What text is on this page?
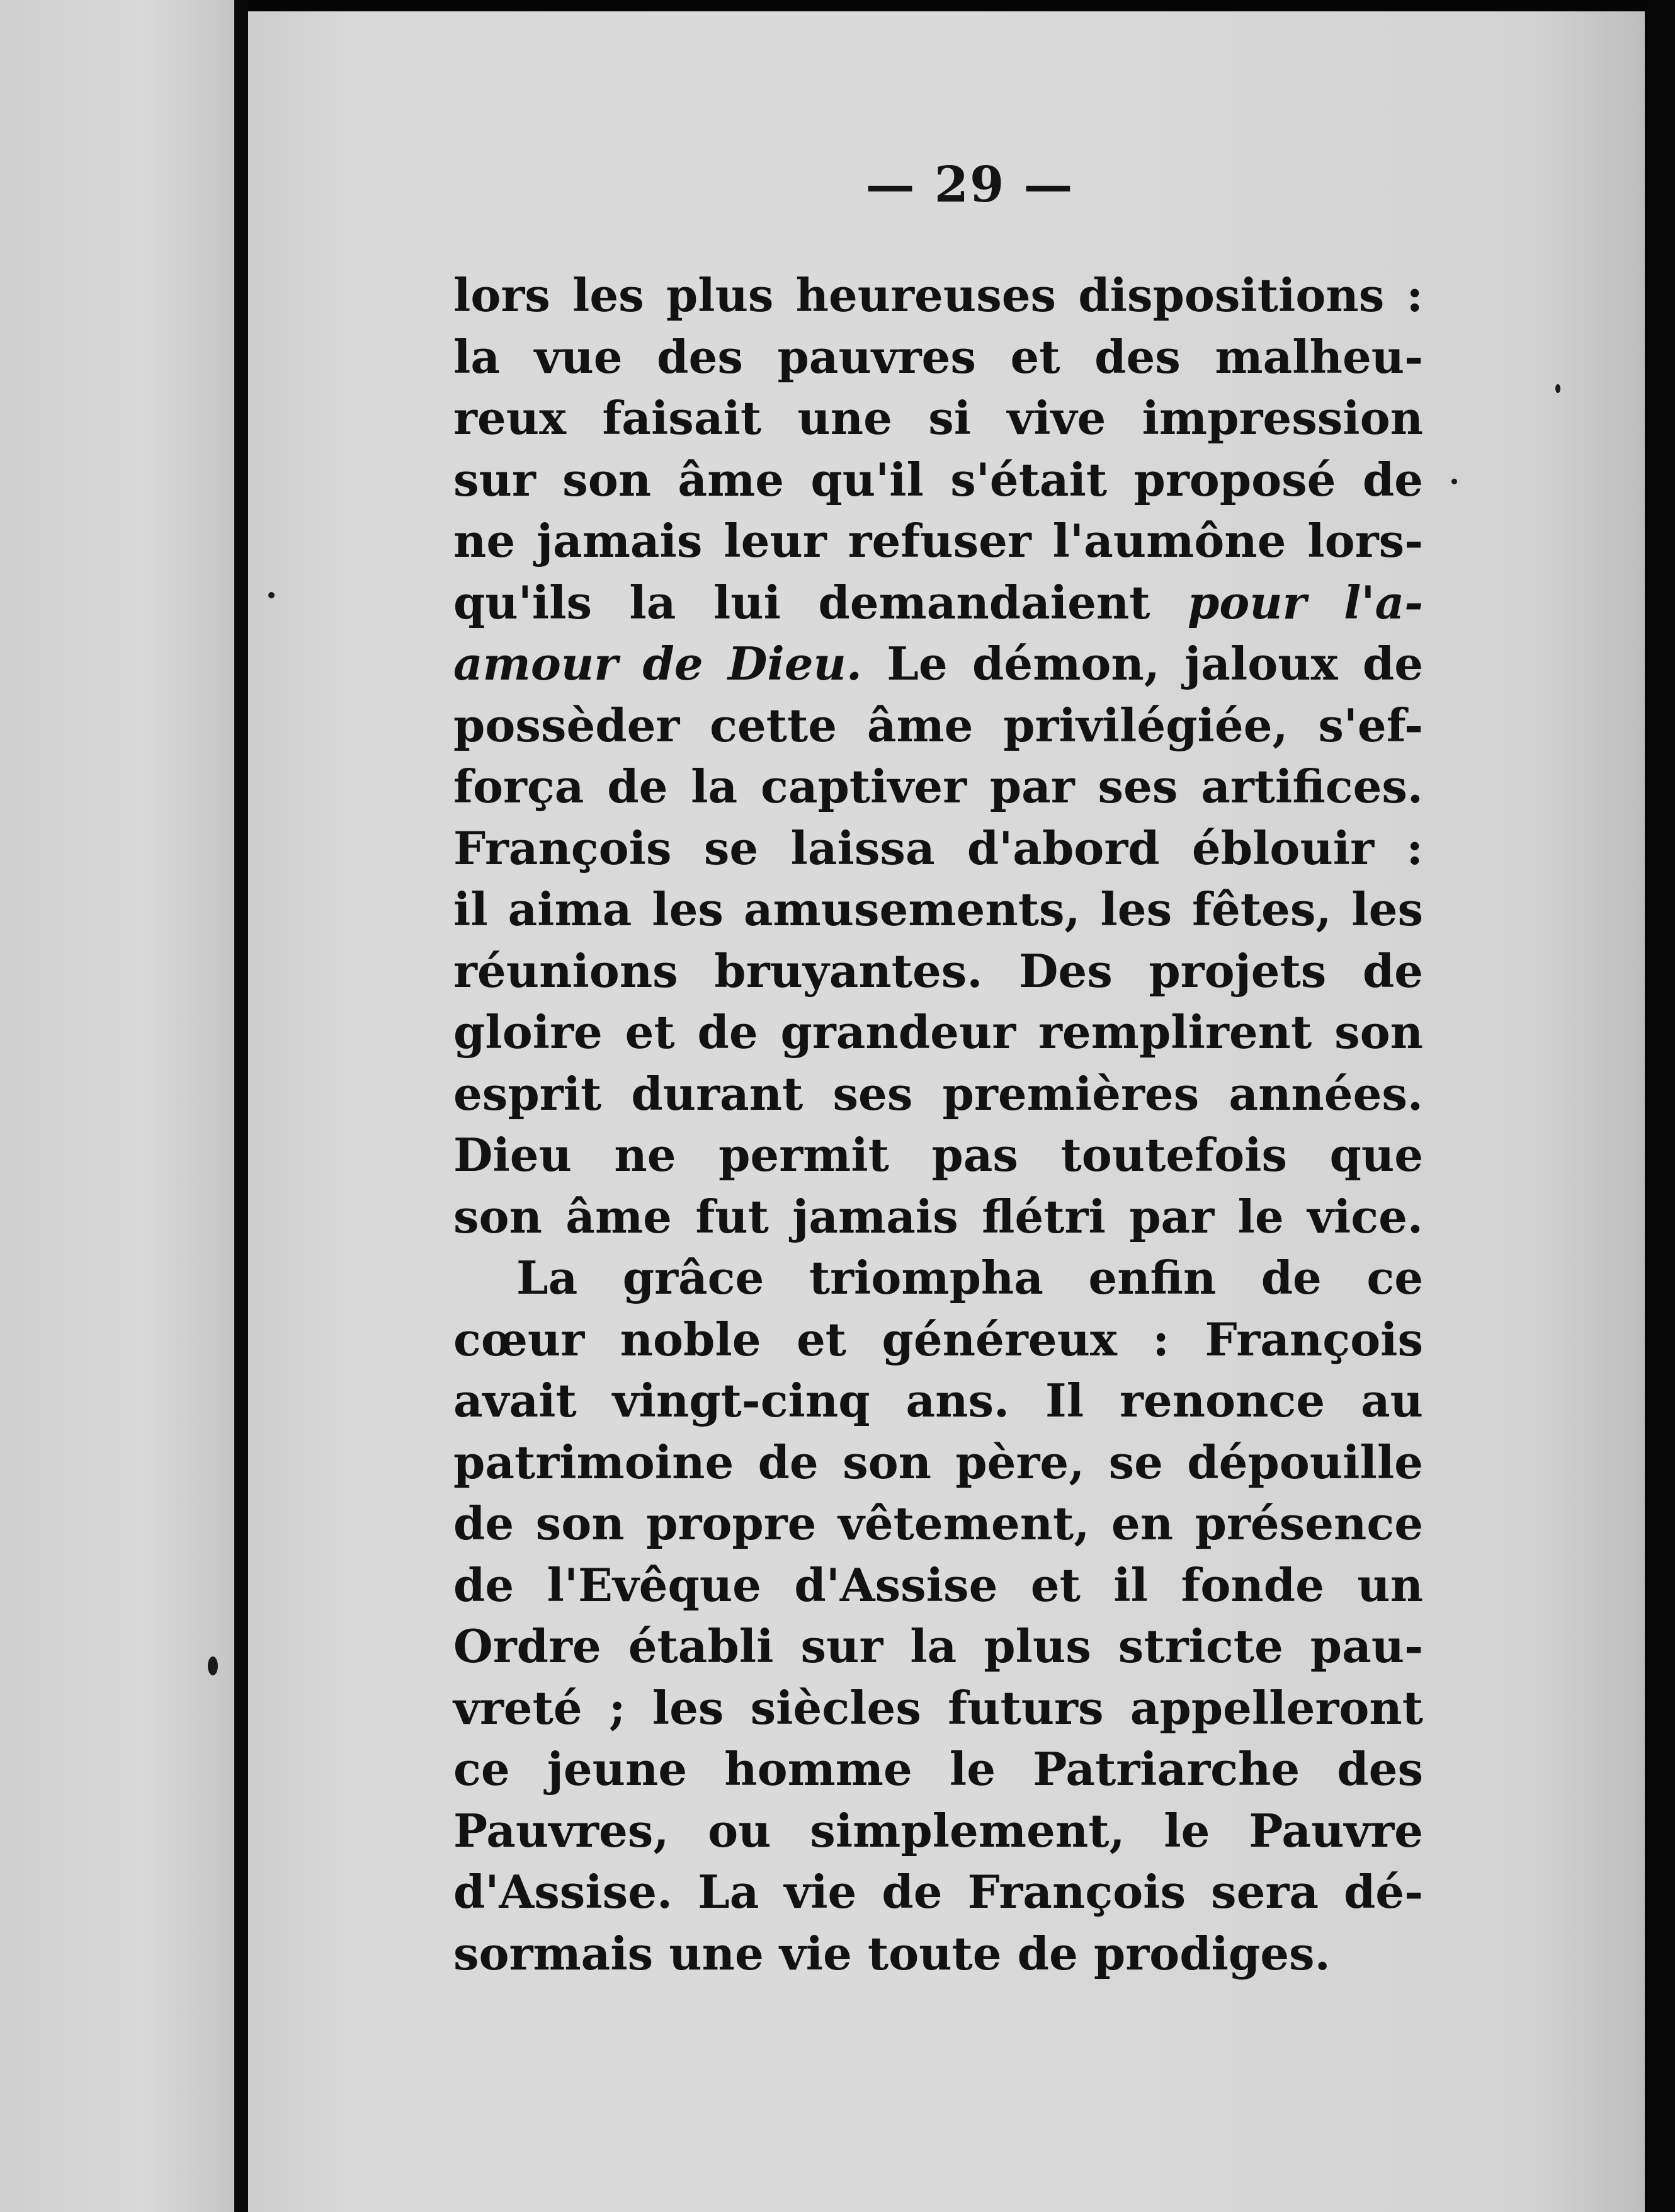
— 29 —
lors les plus heureuses dispositions :
la vue des pauvres et des malheu-
reux faisait une si vive impression
sur son âme qu'il s'était proposé de
ne jamais leur refuser l'aumône lors-
qu'ils la lui demandaient pour l'a-
amour de Dieu. Le démon, jaloux de
possèder cette âme privilégiée, s'ef-
força de la captiver par ses artifices.
François se laissa d'abord éblouir :
il aima les amusements, les fêtes, les
réunions bruyantes. Des projets de
gloire et de grandeur remplirent son
esprit durant ses premières années.
Dieu ne permit pas toutefois que
son âme fut jamais flétri par le vice.
La grâce triompha enfin de ce
cœur noble et généreux : François
avait vingt-cinq ans. Il renonce au
patrimoine de son père, se dépouille
de son propre vêtement, en présence
de l'Evêque d'Assise et il fonde un
Ordre établi sur la plus stricte pau-
vreté ; les siècles futurs appelleront
ce jeune homme le Patriarche des
Pauvres, ou simplement, le Pauvre
d'Assise. La vie de François sera dé-
sormais une vie toute de prodiges.
